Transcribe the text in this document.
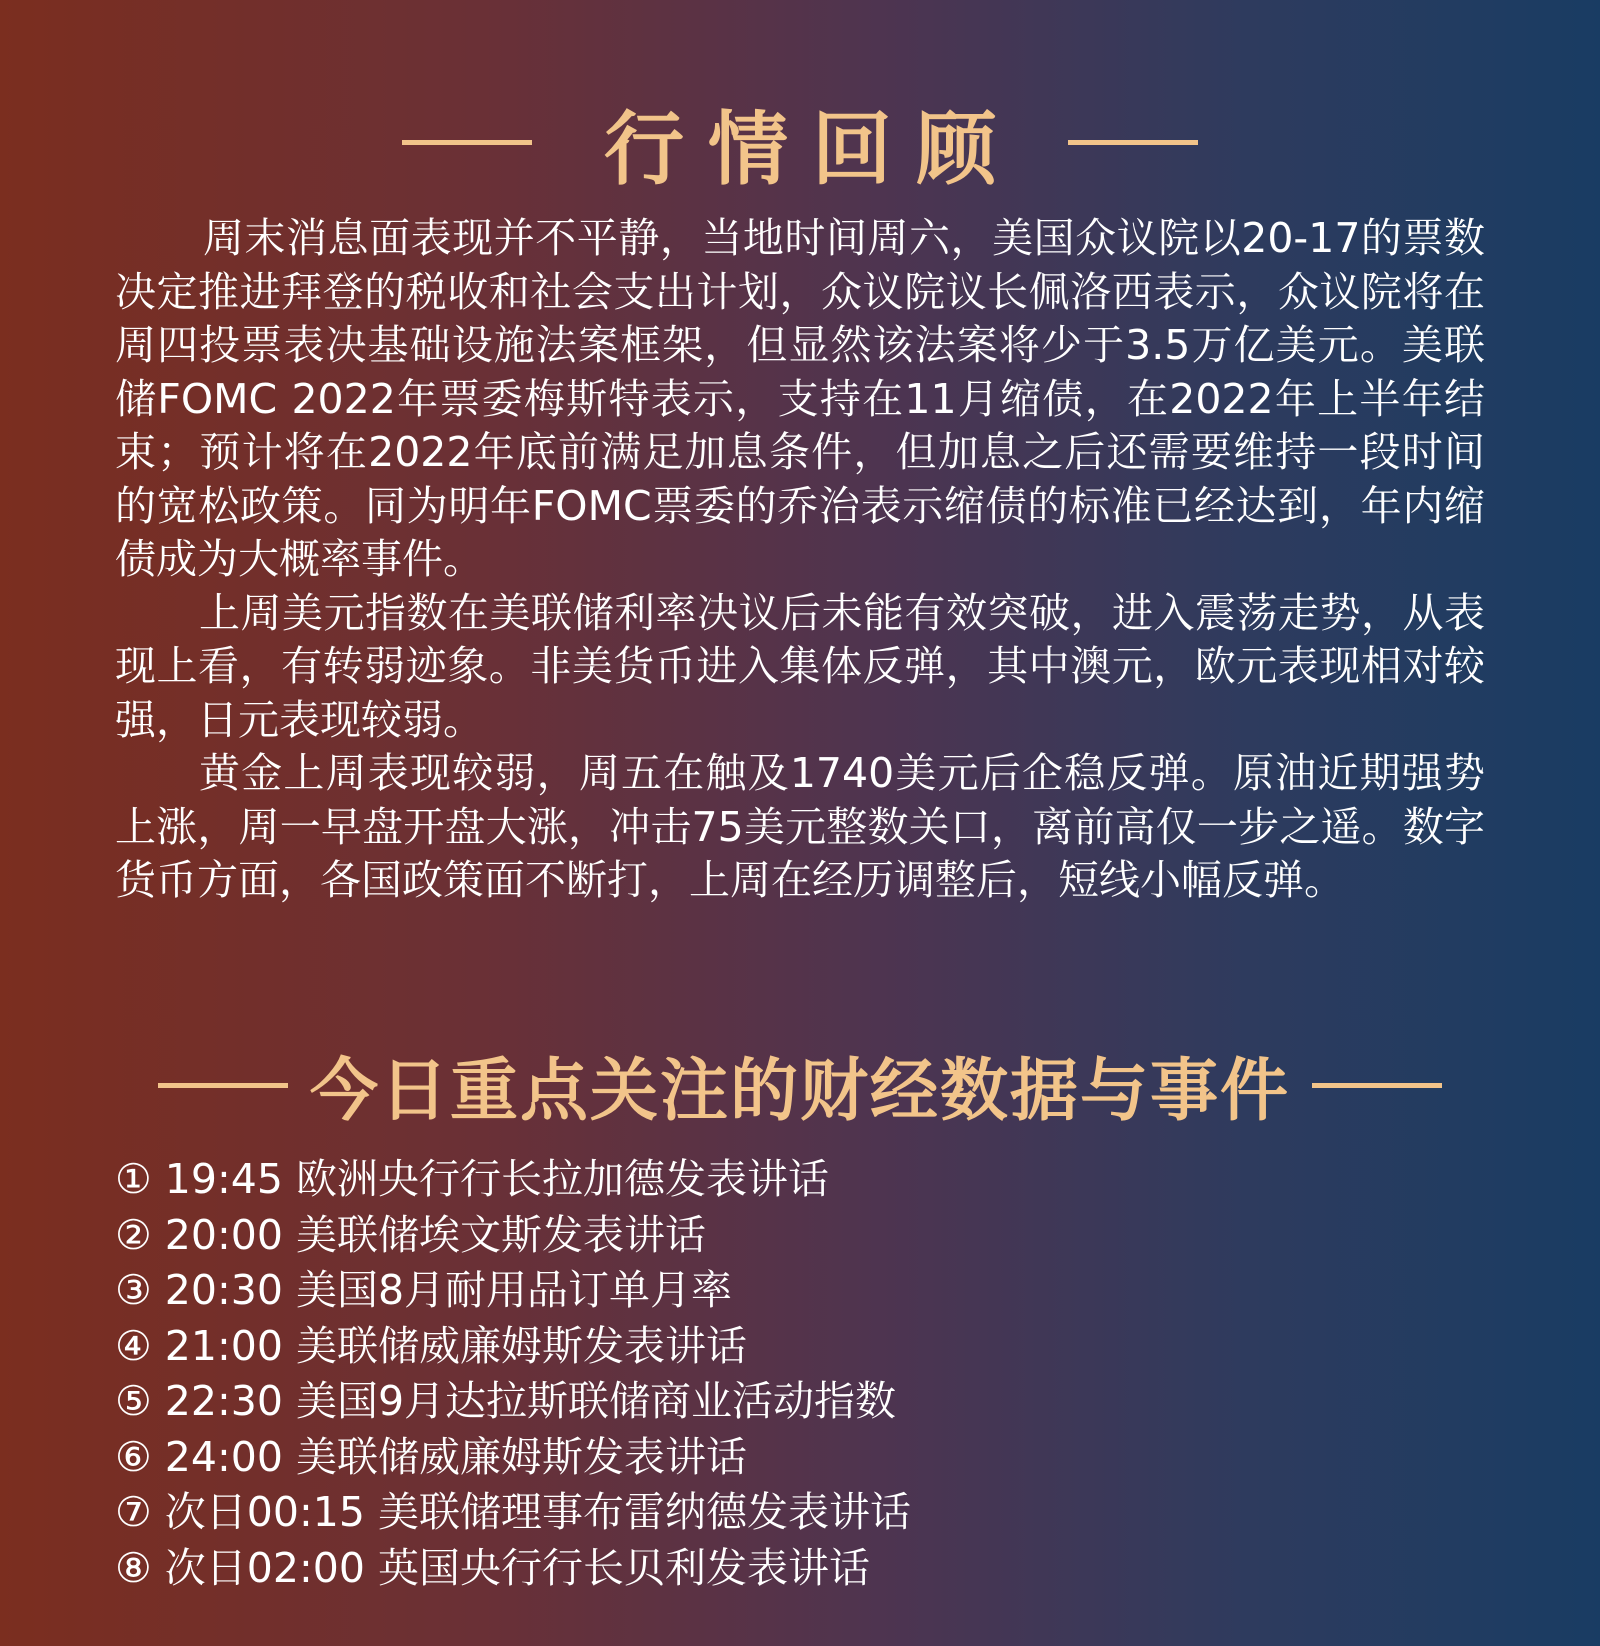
行情回顾

周末消息面表现并不平静，当地时间周六，美国众议院以20-17的票数决定推进拜登的税收和社会支出计划，众议院议长佩洛西表示，众议院将在周四投票表决基础设施法案框架，但显然该法案将少于3.5万亿美元。美联储FOMC 2022年票委梅斯特表示，支持在11月缩债，在2022年上半年结束；预计将在2022年底前满足加息条件，但加息之后还需要维持一段时间的宽松政策。同为明年FOMC票委的乔治表示缩债的标准已经达到，年内缩债成为大概率事件。

上周美元指数在美联储利率决议后未能有效突破，进入震荡走势，从表现上看，有转弱迹象。非美货币进入集体反弹，其中澳元，欧元表现相对较强，日元表现较弱。

黄金上周表现较弱，周五在触及1740美元后企稳反弹。原油近期强势上涨，周一早盘开盘大涨，冲击75美元整数关口，离前高仅一步之遥。数字货币方面，各国政策面不断打，上周在经历调整后，短线小幅反弹。

今日重点关注的财经数据与事件
① 19:45 欧洲央行行长拉加德发表讲话
② 20:00 美联储埃文斯发表讲话
③ 20:30 美国8月耐用品订单月率
④ 21:00 美联储威廉姆斯发表讲话
⑤ 22:30 美国9月达拉斯联储商业活动指数
⑥ 24:00 美联储威廉姆斯发表讲话
⑦ 次日00:15 美联储理事布雷纳德发表讲话
⑧ 次日02:00 英国央行行长贝利发表讲话
